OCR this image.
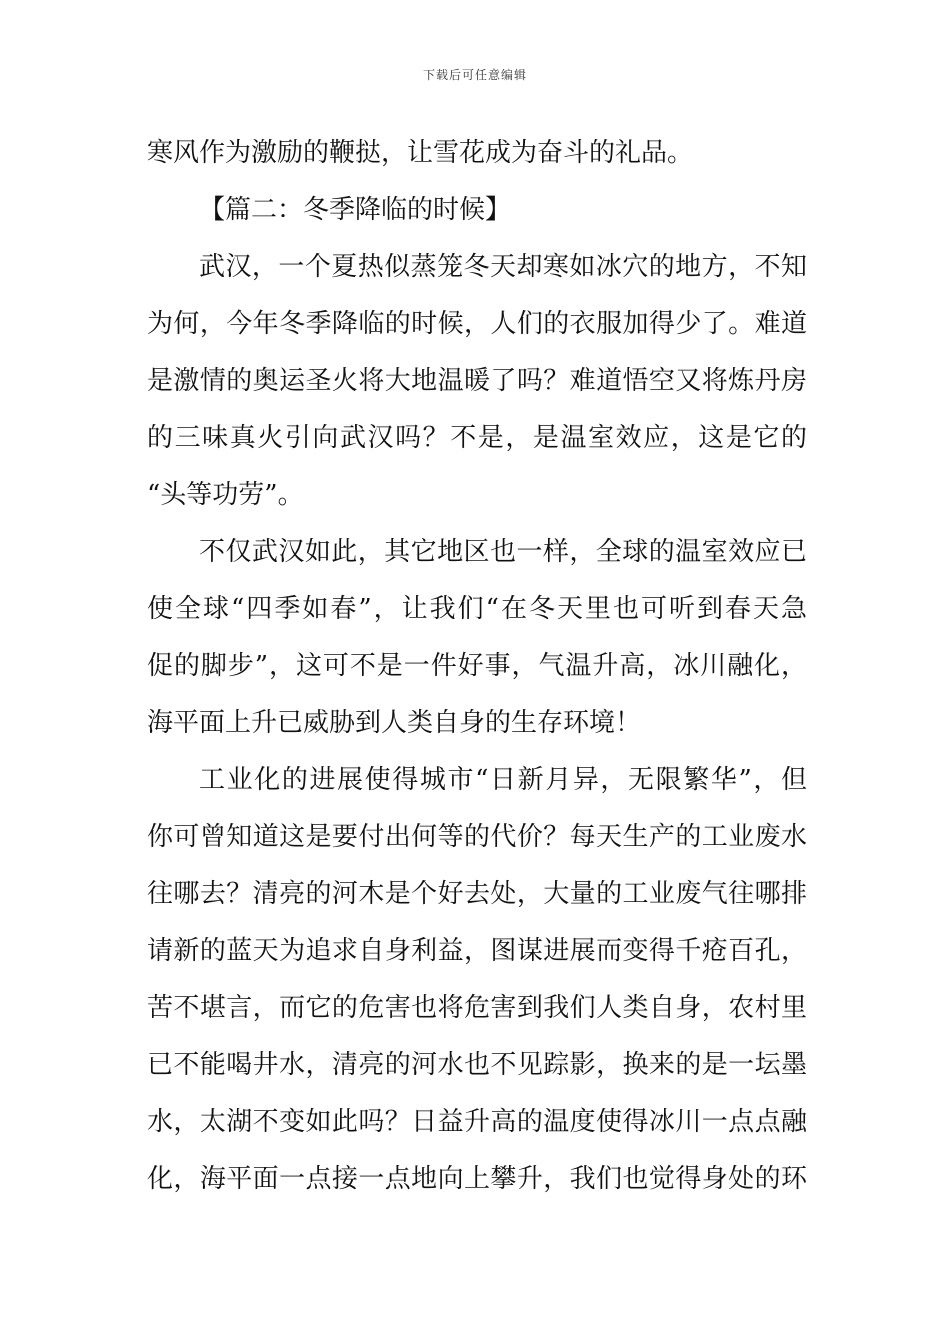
下载后可任意编辑
寒风作为激励的鞭挞，让雪花成为奋斗的礼品。
【篇二：冬季降临的时候】
武汉，一个夏热似蒸笼冬天却寒如冰穴的地方，不知
为何，今年冬季降临的时候，人们的衣服加得少了。难道
是激情的奥运圣火将大地温暖了吗？难道悟空又将炼丹房
的三味真火引向武汉吗？不是，是温室效应，这是它的
“头等功劳”。
不仅武汉如此，其它地区也一样，全球的温室效应已
使全球“四季如春”，让我们“在冬天里也可听到春天急
促的脚步”，这可不是一件好事，气温升高，冰川融化，
海平面上升已威胁到人类自身的生存环境！
工业化的进展使得城市“日新月异，无限繁华”，但
你可曾知道这是要付出何等的代价？每天生产的工业废水
往哪去？清亮的河木是个好去处，大量的工业废气往哪排
请新的蓝天为追求自身利益，图谋进展而变得千疮百孔，
苦不堪言，而它的危害也将危害到我们人类自身，农村里
已不能喝井水，清亮的河水也不见踪影，换来的是一坛墨
水，太湖不变如此吗？日益升高的温度使得冰川一点点融
化，海平面一点接一点地向上攀升，我们也觉得身处的环
